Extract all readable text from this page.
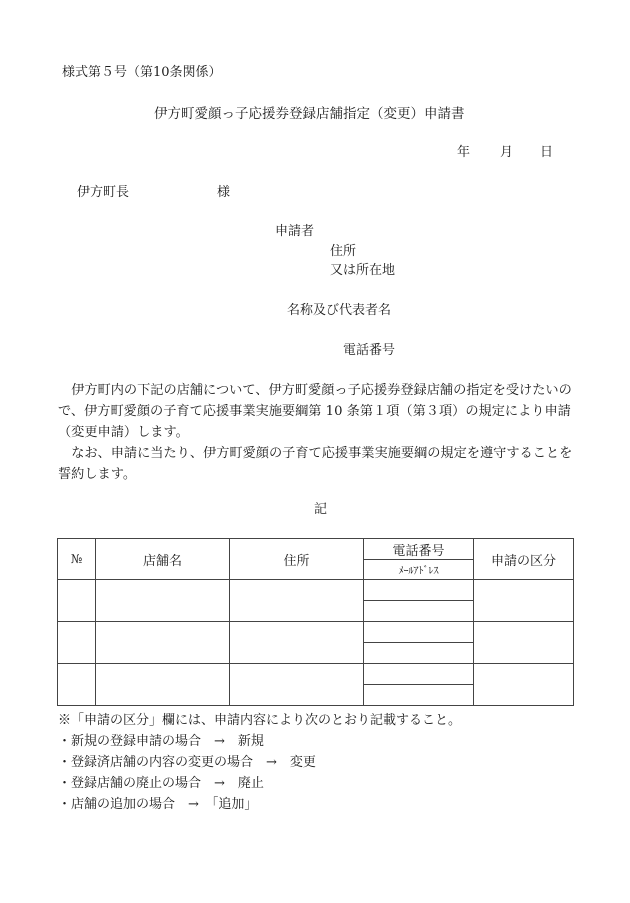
様式第５号（第10条関係）
伊方町愛顔っ子応援券登録店舗指定（変更）申請書
年 月 日
伊方町長	様
申請者
住所
又は所在地
名称及び代表者名
電話番号

伊方町内の下記の店舗について、伊方町愛顔っ子応援券登録店舗の指定を受けたいので、伊方町愛顔の子育て応援事業実施要綱第 10 条第１項（第３項）の規定により申請（変更申請）します。

なお、申請に当たり、伊方町愛顔の子育て応援事業実施要綱の規定を遵守することを誓約します。

記
№	店舗名	住所	電話番号	申請の区分
			ﾒｰﾙｱﾄﾞﾚｽ	

※「申請の区分」欄には、申請内容により次のとおり記載すること。
・新規の登録申請の場合　→　新規
・登録済店舗の内容の変更の場合　→　変更
・登録店舗の廃止の場合　→　廃止
・店舗の追加の場合　→　「追加」
